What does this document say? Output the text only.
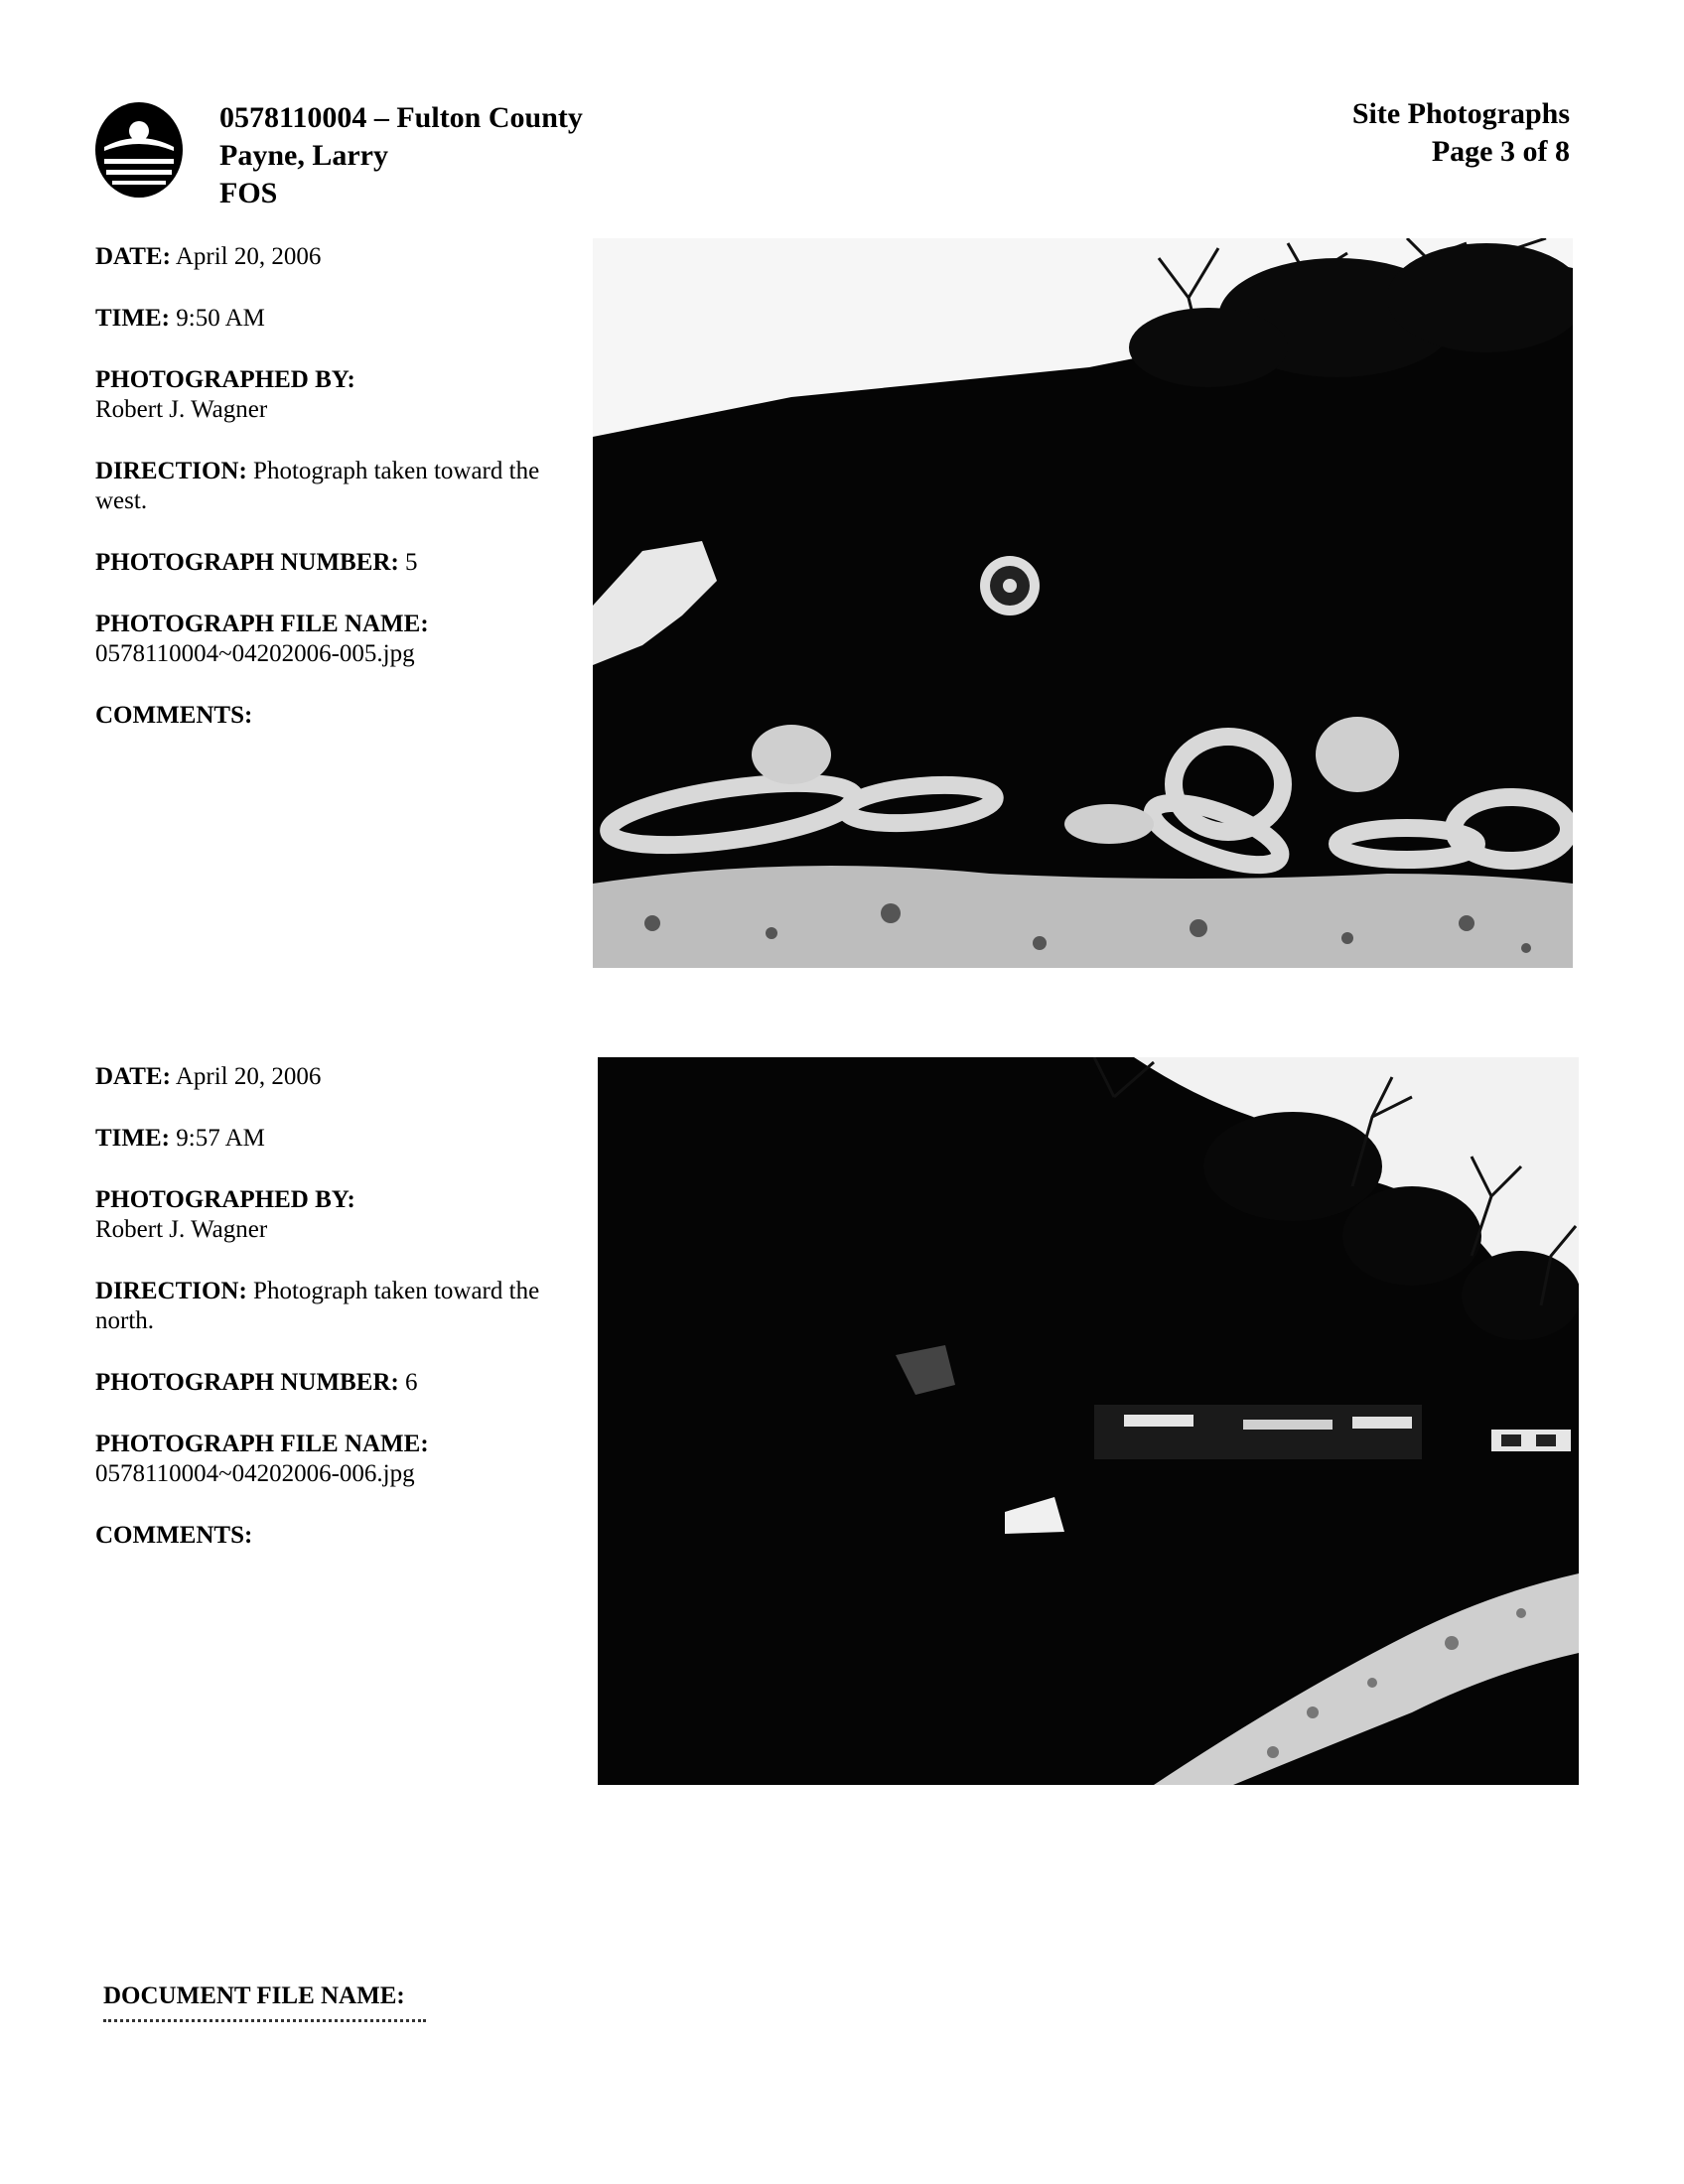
0578110004 – Fulton County
Payne, Larry
FOS
Site Photographs
Page 3 of 8
DATE: April 20, 2006
TIME: 9:50 AM
PHOTOGRAPHED BY:
Robert J. Wagner
DIRECTION: Photograph taken toward the west.
PHOTOGRAPH NUMBER: 5
PHOTOGRAPH FILE NAME:
0578110004~04202006-005.jpg
COMMENTS:
DATE: April 20, 2006
TIME: 9:57 AM
PHOTOGRAPHED BY:
Robert J. Wagner
DIRECTION: Photograph taken toward the north.
PHOTOGRAPH NUMBER: 6
PHOTOGRAPH FILE NAME:
0578110004~04202006-006.jpg
COMMENTS:
DOCUMENT FILE NAME:
